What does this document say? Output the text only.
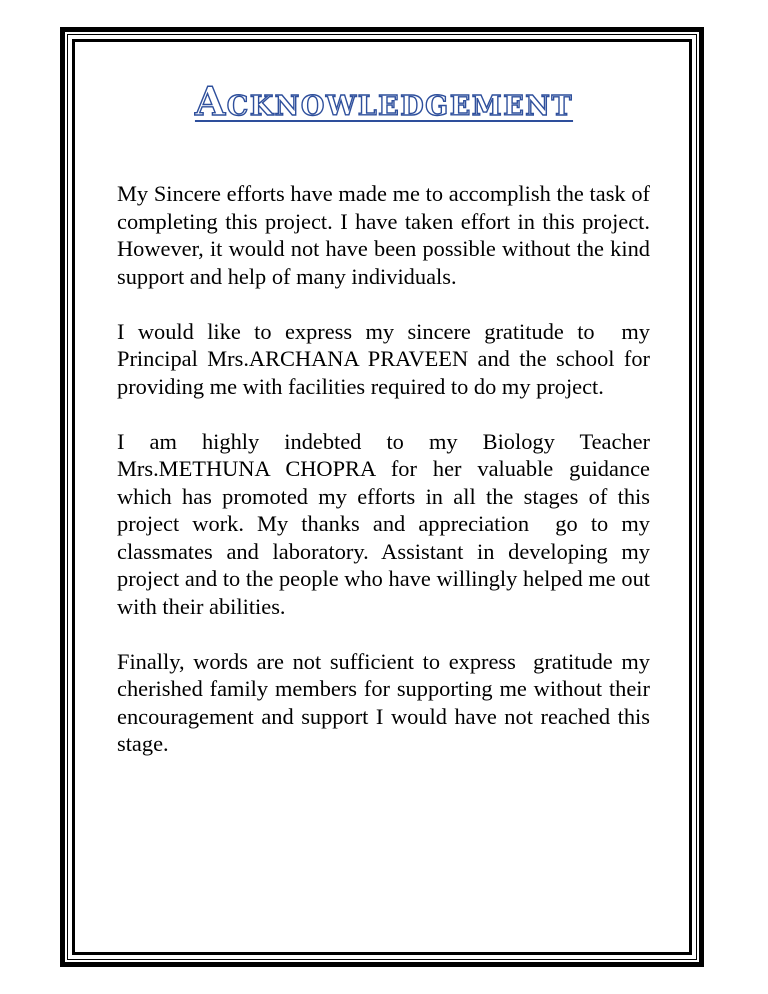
Acknowledgement

My Sincere efforts have made me to accomplish the task of completing this project. I have taken effort in this project. However, it would not have been possible without the kind support and help of many individuals.

I would like to express my sincere gratitude to  my Principal Mrs.ARCHANA PRAVEEN and the school for providing me with facilities required to do my project.

I am highly indebted to my Biology Teacher Mrs.METHUNA CHOPRA for her valuable guidance which has promoted my efforts in all the stages of this project work. My thanks and appreciation  go to my classmates and laboratory. Assistant in developing my project and to the people who have willingly helped me out with their abilities.

Finally, words are not sufficient to express  gratitude my cherished family members for supporting me without their encouragement and support I would have not reached this stage.
